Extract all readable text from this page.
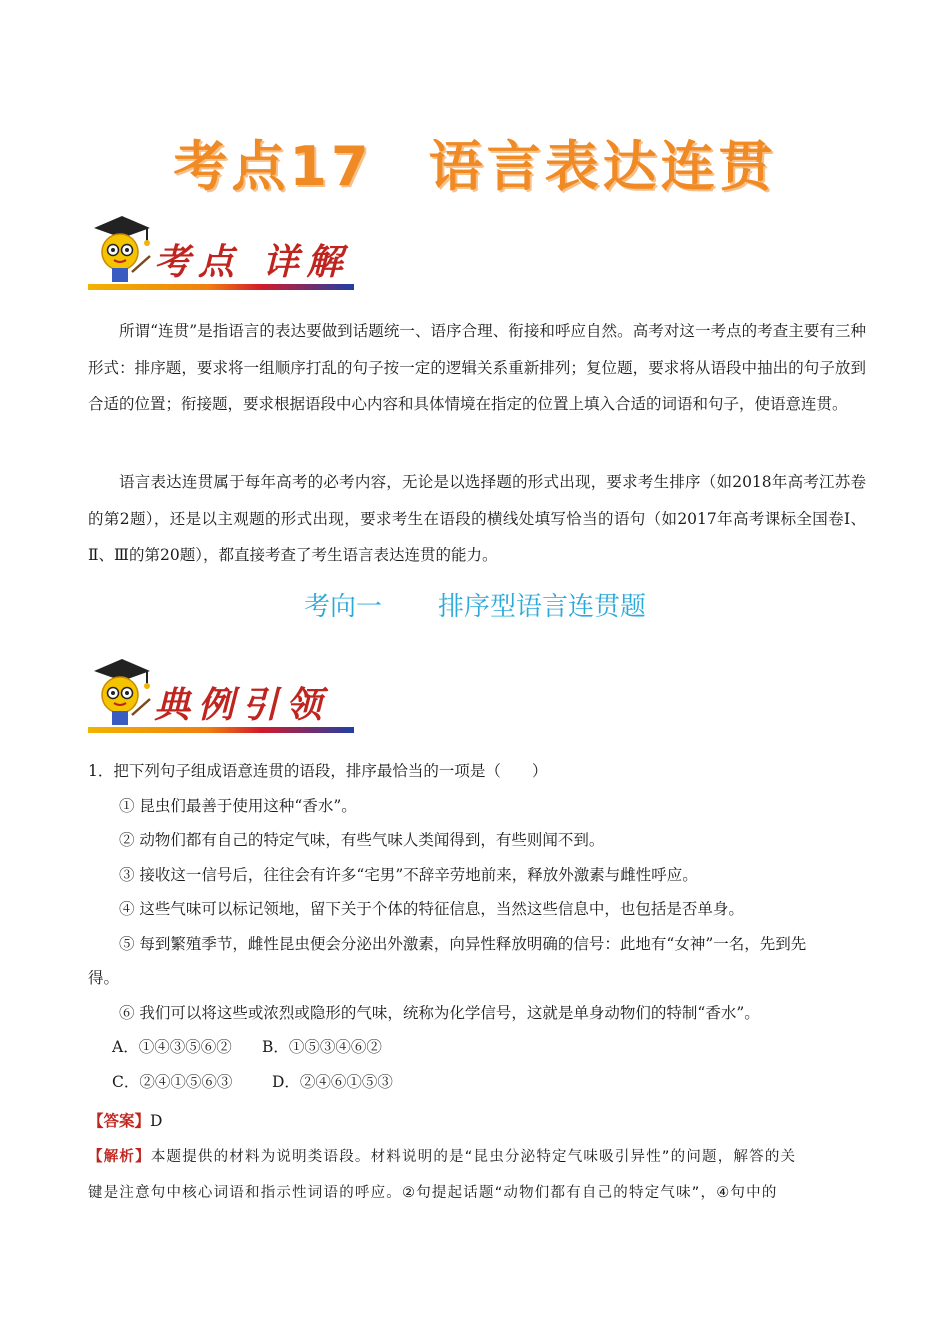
考点17 语言表达连贯
考点 详解
所谓“连贯”是指语言的表达要做到话题统一、语序合理、衔接和呼应自然。高考对这一考点的考查主要有三种形式：排序题，要求将一组顺序打乱的句子按一定的逻辑关系重新排列；复位题，要求将从语段中抽出的句子放到合适的位置；衔接题，要求根据语段中心内容和具体情境在指定的位置上填入合适的词语和句子，使语意连贯。
语言表达连贯属于每年高考的必考内容，无论是以选择题的形式出现，要求考生排序（如2018年高考江苏卷的第2题），还是以主观题的形式出现，要求考生在语段的横线处填写恰当的语句（如2017年高考课标全国卷Ⅰ、Ⅱ、Ⅲ的第20题），都直接考查了考生语言表达连贯的能力。
考向一 排序型语言连贯题
典例引领
1．把下列句子组成语意连贯的语段，排序最恰当的一项是（　　）
① 昆虫们最善于使用这种“香水”。
② 动物们都有自己的特定气味，有些气味人类闻得到，有些则闻不到。
③ 接收这一信号后，往往会有许多“宅男”不辞辛劳地前来，释放外激素与雌性呼应。
④ 这些气味可以标记领地，留下关于个体的特征信息，当然这些信息中，也包括是否单身。
⑤ 每到繁殖季节，雌性昆虫便会分泌出外激素，向异性释放明确的信号：此地有“女神”一名，先到先
得。
⑥ 我们可以将这些或浓烈或隐形的气味，统称为化学信号，这就是单身动物们的特制“香水”。
A．①④③⑤⑥② B．①⑤③④⑥②
C．②④①⑤⑥③	D．②④⑥①⑤③
【答案】D
【解析】本题提供的材料为说明类语段。材料说明的是“昆虫分泌特定气味吸引异性”的问题，解答的关
键是注意句中核心词语和指示性词语的呼应。②句提起话题“动物们都有自己的特定气味”，④句中的
